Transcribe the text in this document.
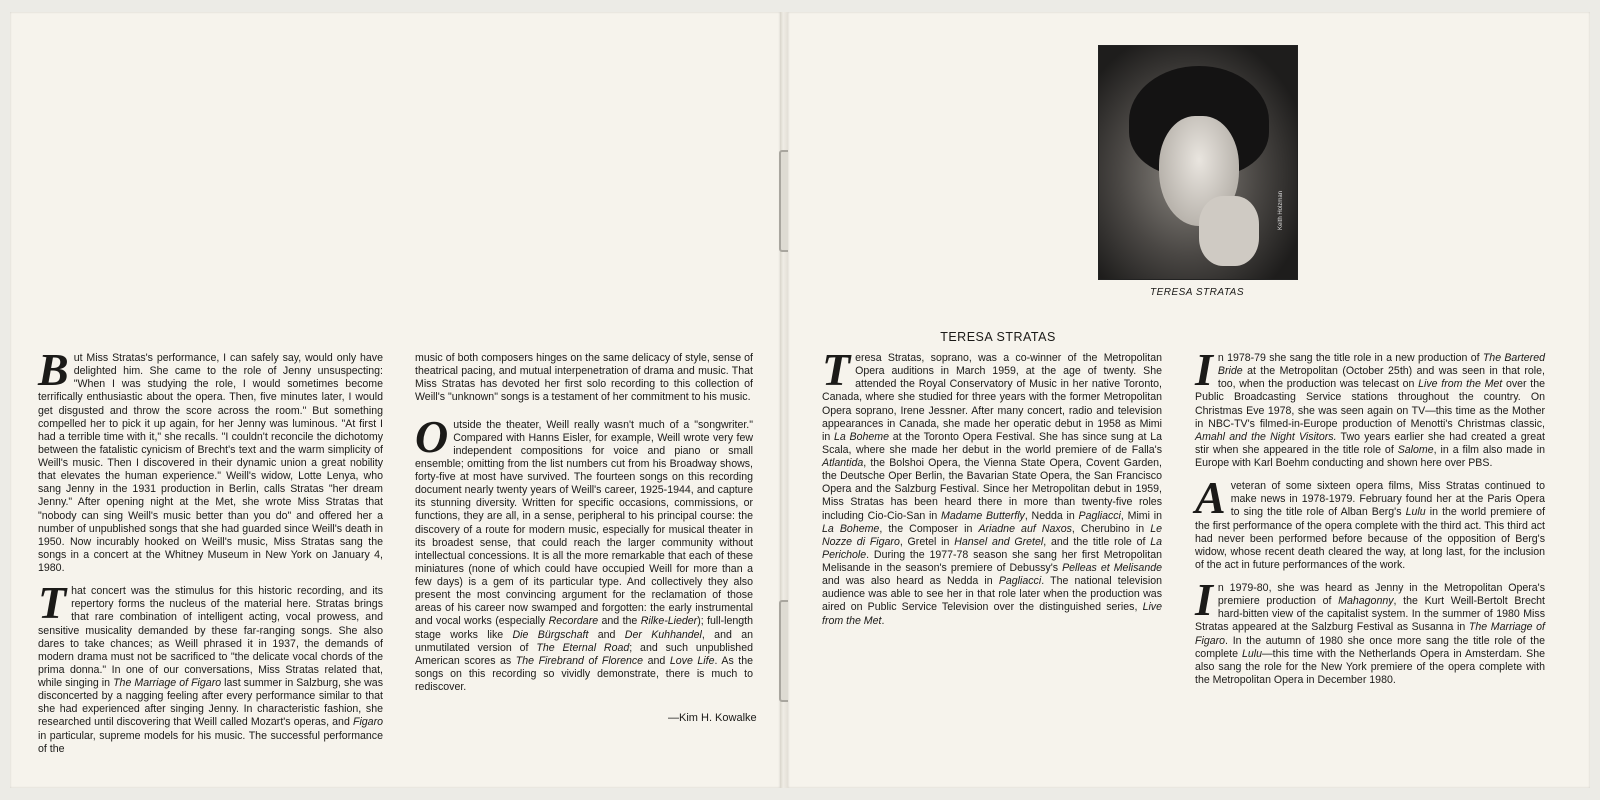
But Miss Stratas's performance, I can safely say, would only have delighted him. She came to the role of Jenny unsuspecting: "When I was studying the role, I would sometimes become terrifically enthusiastic about the opera. Then, five minutes later, I would get disgusted and throw the score across the room." But something compelled her to pick it up again, for her Jenny was luminous. "At first I had a terrible time with it," she recalls. "I couldn't reconcile the dichotomy between the fatalistic cynicism of Brecht's text and the warm simplicity of Weill's music. Then I discovered in their dynamic union a great nobility that elevates the human experience." Weill's widow, Lotte Lenya, who sang Jenny in the 1931 production in Berlin, calls Stratas "her dream Jenny." After opening night at the Met, she wrote Miss Stratas that "nobody can sing Weill's music better than you do" and offered her a number of unpublished songs that she had guarded since Weill's death in 1950. Now incurably hooked on Weill's music, Miss Stratas sang the songs in a concert at the Whitney Museum in New York on January 4, 1980.

That concert was the stimulus for this historic recording, and its repertory forms the nucleus of the material here. Stratas brings that rare combination of intelligent acting, vocal prowess, and sensitive musicality demanded by these far-ranging songs. She also dares to take chances; as Weill phrased it in 1937, the demands of modern drama must not be sacrificed to "the delicate vocal chords of the prima donna." In one of our conversations, Miss Stratas related that, while singing in The Marriage of Figaro last summer in Salzburg, she was disconcerted by a nagging feeling after every performance similar to that she had experienced after singing Jenny. In characteristic fashion, she researched until discovering that Weill called Mozart's operas, and Figaro in particular, supreme models for his music. The successful performance of the

music of both composers hinges on the same delicacy of style, sense of theatrical pacing, and mutual interpenetration of drama and music. That Miss Stratas has devoted her first solo recording to this collection of Weill's "unknown" songs is a testament of her commitment to his music.

Outside the theater, Weill really wasn't much of a "songwriter." Compared with Hanns Eisler, for example, Weill wrote very few independent compositions for voice and piano or small ensemble; omitting from the list numbers cut from his Broadway shows, forty-five at most have survived. The fourteen songs on this recording document nearly twenty years of Weill's career, 1925-1944, and capture its stunning diversity. Written for specific occasions, commissions, or functions, they are all, in a sense, peripheral to his principal course: the discovery of a route for modern music, especially for musical theater in its broadest sense, that could reach the larger community without intellectual concessions. It is all the more remarkable that each of these miniatures (none of which could have occupied Weill for more than a few days) is a gem of its particular type. And collectively they also present the most convincing argument for the reclamation of those areas of his career now swamped and forgotten: the early instrumental and vocal works (especially Recordare and the Rilke-Lieder); full-length stage works like Die Bürgschaft and Der Kuhhandel, and an unmutilated version of The Eternal Road; and such unpublished American scores as The Firebrand of Florence and Love Life. As the songs on this recording so vividly demonstrate, there is much to rediscover.

—Kim H. Kowalke
Keith Holzman
TERESA STRATAS
TERESA STRATAS

Teresa Stratas, soprano, was a co-winner of the Metropolitan Opera auditions in March 1959, at the age of twenty. She attended the Royal Conservatory of Music in her native Toronto, Canada, where she studied for three years with the former Metropolitan Opera soprano, Irene Jessner. After many concert, radio and television appearances in Canada, she made her operatic debut in 1958 as Mimi in La Boheme at the Toronto Opera Festival. She has since sung at La Scala, where she made her debut in the world premiere of de Falla's Atlantida, the Bolshoi Opera, the Vienna State Opera, Covent Garden, the Deutsche Oper Berlin, the Bavarian State Opera, the San Francisco Opera and the Salzburg Festival. Since her Metropolitan debut in 1959, Miss Stratas has been heard there in more than twenty-five roles including Cio-Cio-San in Madame Butterfly, Nedda in Pagliacci, Mimi in La Boheme, the Composer in Ariadne auf Naxos, Cherubino in Le Nozze di Figaro, Gretel in Hansel and Gretel, and the title role of La Perichole. During the 1977-78 season she sang her first Metropolitan Melisande in the season's premiere of Debussy's Pelleas et Melisande and was also heard as Nedda in Pagliacci. The national television audience was able to see her in that role later when the production was aired on Public Service Television over the distinguished series, Live from the Met.

In 1978-79 she sang the title role in a new production of The Bartered Bride at the Metropolitan (October 25th) and was seen in that role, too, when the production was telecast on Live from the Met over the Public Broadcasting Service stations throughout the country. On Christmas Eve 1978, she was seen again on TV—this time as the Mother in NBC-TV's filmed-in-Europe production of Menotti's Christmas classic, Amahl and the Night Visitors. Two years earlier she had created a great stir when she appeared in the title role of Salome, in a film also made in Europe with Karl Boehm conducting and shown here over PBS.

A veteran of some sixteen opera films, Miss Stratas continued to make news in 1978-1979. February found her at the Paris Opera to sing the title role of Alban Berg's Lulu in the world premiere of the first performance of the opera complete with the third act. This third act had never been performed before because of the opposition of Berg's widow, whose recent death cleared the way, at long last, for the inclusion of the act in future performances of the work.

In 1979-80, she was heard as Jenny in the Metropolitan Opera's premiere production of Mahagonny, the Kurt Weill-Bertolt Brecht hard-bitten view of the capitalist system. In the summer of 1980 Miss Stratas appeared at the Salzburg Festival as Susanna in The Marriage of Figaro. In the autumn of 1980 she once more sang the title role of the complete Lulu—this time with the Netherlands Opera in Amsterdam. She also sang the role for the New York premiere of the opera complete with the Metropolitan Opera in December 1980.
